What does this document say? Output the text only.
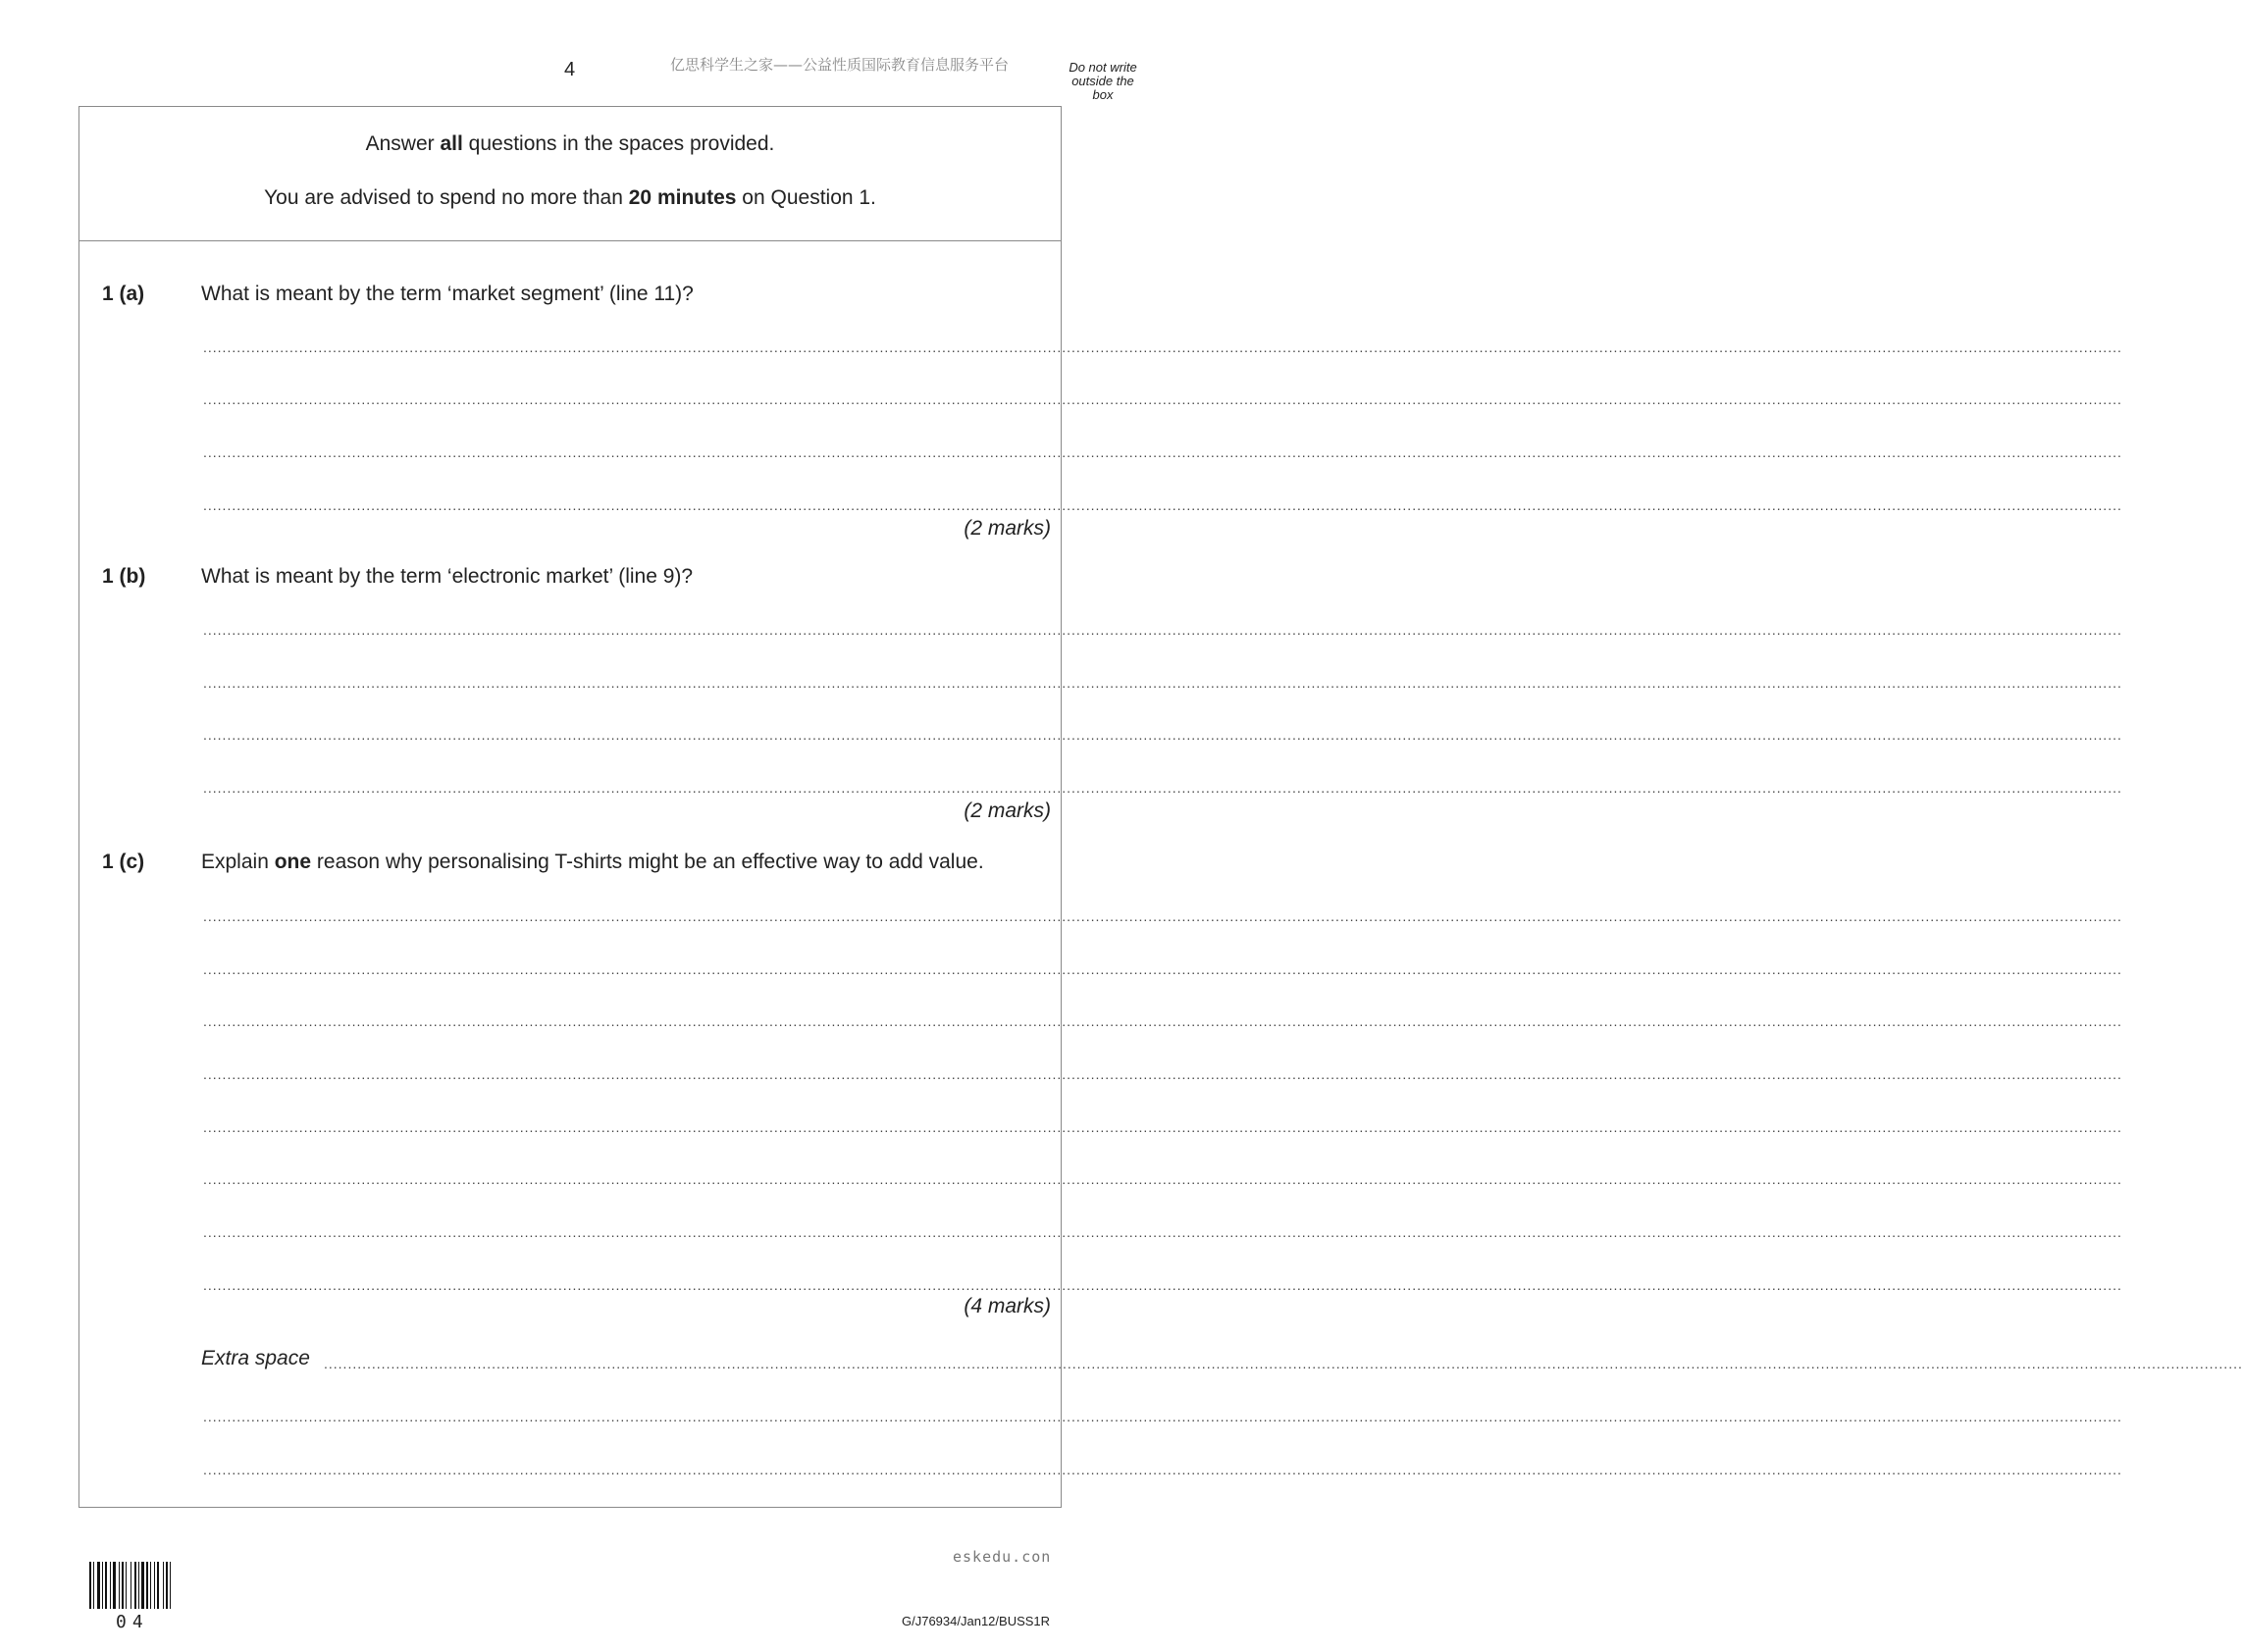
4	亿思科学生之家——公益性质国际教育信息服务平台	Do not write
outside the
box
Answer all questions in the spaces provided.
You are advised to spend no more than 20 minutes on Question 1.
1 (a)	What is meant by the term ‘market segment’ (line 11)?
................................................................................................................................................................................................................................................................................................................................................................................................................
................................................................................................................................................................................................................................................................................................................................................................................................................
................................................................................................................................................................................................................................................................................................................................................................................................................
................................................................................................................................................................................................................................................................................................................................................................................................................
(2 marks)
1 (b)	What is meant by the term ‘electronic market’ (line 9)?
................................................................................................................................................................................................................................................................................................................................................................................................................
................................................................................................................................................................................................................................................................................................................................................................................................................
................................................................................................................................................................................................................................................................................................................................................................................................................
................................................................................................................................................................................................................................................................................................................................................................................................................
(2 marks)
1 (c)	Explain one reason why personalising T-shirts might be an effective way to add value.
................................................................................................................................................................................................................................................................................................................................................................................................................
................................................................................................................................................................................................................................................................................................................................................................................................................
................................................................................................................................................................................................................................................................................................................................................................................................................
................................................................................................................................................................................................................................................................................................................................................................................................................
................................................................................................................................................................................................................................................................................................................................................................................................................
................................................................................................................................................................................................................................................................................................................................................................................................................
................................................................................................................................................................................................................................................................................................................................................................................................................
................................................................................................................................................................................................................................................................................................................................................................................................................
(4 marks)
Extra space ................................................................................................................................................................................................................................................................................................................................................................................................................
................................................................................................................................................................................................................................................................................................................................................................................................................
................................................................................................................................................................................................................................................................................................................................................................................................................
04
eskedu.con
G/J76934/Jan12/BUSS1R
